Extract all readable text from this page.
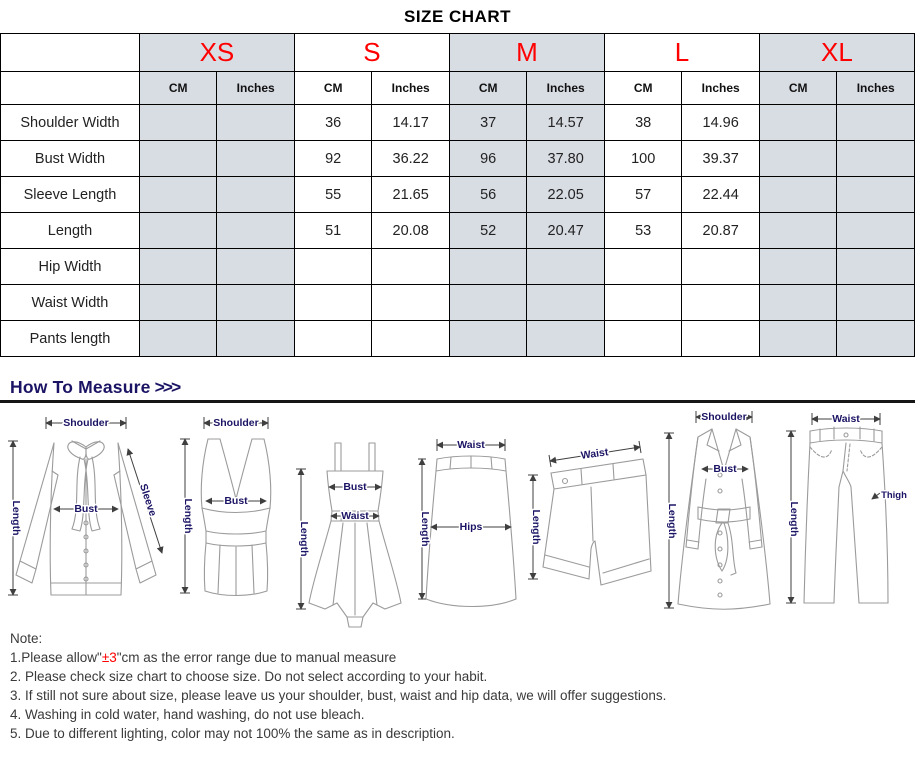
SIZE CHART
	XS		S		M		L		XL	
	CM	Inches	CM	Inches	CM	Inches	CM	Inches	CM	Inches
Shoulder Width			36	14.17	37	14.57	38	14.96		
Bust Width			92	36.22	96	37.80	100	39.37		
Sleeve Length			55	21.65	56	22.05	57	22.44		
Length			51	20.08	52	20.47	53	20.87		
Hip Width										
Waist Width										
Pants length										
How To Measure >>>
Shoulder
Length	Bust	Sleeve
Shoulder
Length	Bust
Length
Bust
Waist
Waist
Length	Hips
Waist
Length
Shoulder
Length
Bust
Waist
Length
Thigh
Note:
1.Please allow"±3"cm as the error range due to manual measure
2. Please check size chart to choose size. Do not select according to your habit.
3. If still not sure about size, please leave us your shoulder, bust, waist and hip data, we will offer suggestions.
4. Washing in cold water, hand washing, do not use bleach.
5. Due to different lighting, color may not 100% the same as in description.
